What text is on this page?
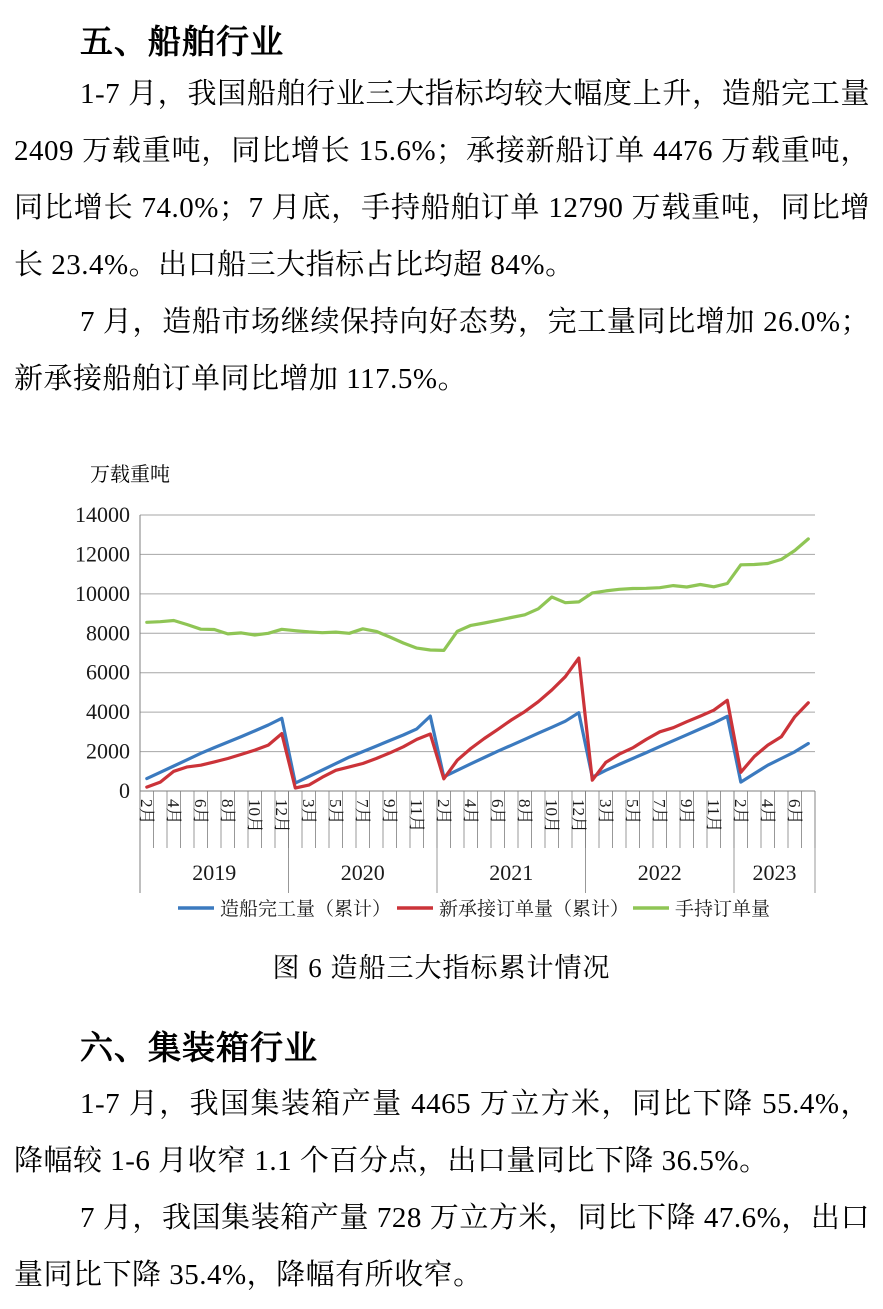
五、船舶行业

1-7 月，我国船舶行业三大指标均较大幅度上升，造船完工量 2409 万载重吨，同比增长 15.6%；承接新船订单 4476 万载重吨，同比增长 74.0%；7 月底，手持船舶订单 12790 万载重吨，同比增长 23.4%。出口船三大指标占比均超 84%。

7 月，造船市场继续保持向好态势，完工量同比增加 26.0%；新承接船舶订单同比增加 117.5%。

万载重吨
0
2000
4000
6000
8000
10000
12000
14000
2019	2020	2021	2022	2023
2月 4月 6月 8月 10月 12月 3月 5月 7月 9月 11月 2月 4月 6月 8月 10月 12月 3月 5月 7月 9月 11月 2月 4月 6月
造船完工量（累计）	新承接订单量（累计） 手持订单量
图 6 造船三大指标累计情况
六、集装箱行业

1-7 月，我国集装箱产量 4465 万立方米，同比下降 55.4%，降幅较 1-6 月收窄 1.1 个百分点，出口量同比下降 36.5%。

7 月，我国集装箱产量 728 万立方米，同比下降 47.6%，出口量同比下降 35.4%，降幅有所收窄。
